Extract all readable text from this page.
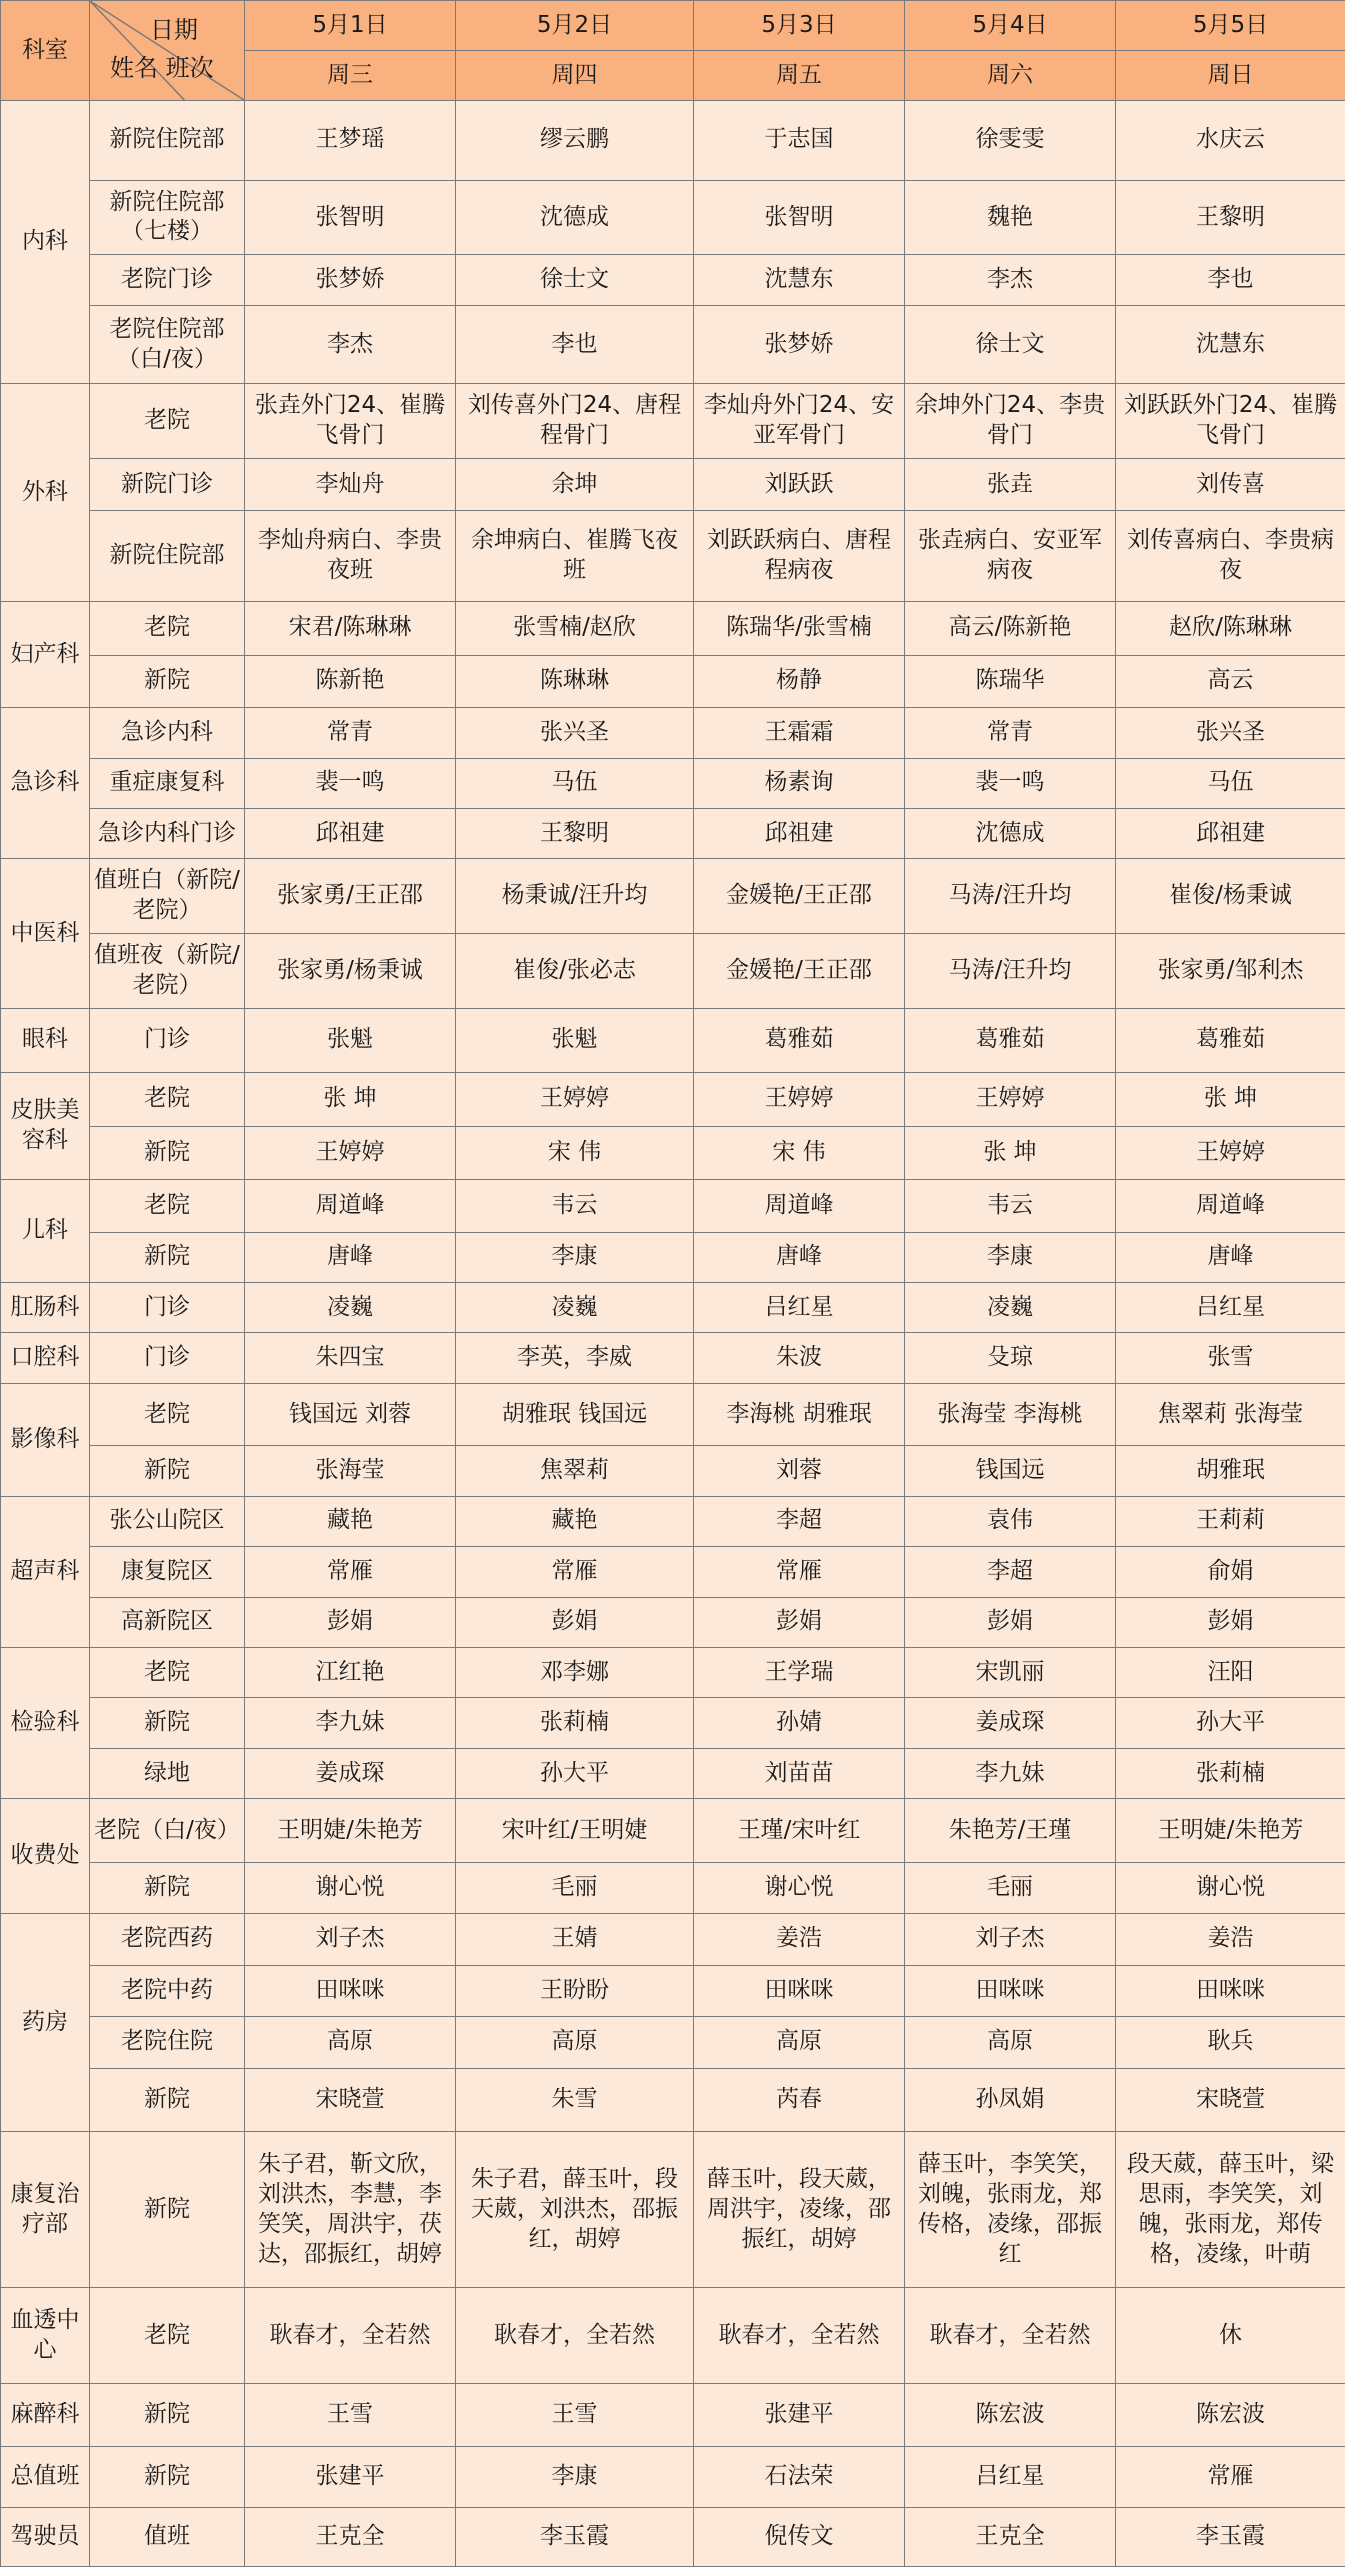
科室	日期
姓名 班次	5月1日	5月2日	5月3日	5月4日	5月5日
		周三	周四	周五	周六	周日
内科	新院住院部	王梦瑶	缪云鹏	于志国	徐雯雯	水庆云
	新院住院部（七楼）	张智明	沈德成	张智明	魏艳	王黎明
	老院门诊	张梦娇	徐士文	沈慧东	李杰	李也
	老院住院部（白/夜）	李杰	李也	张梦娇	徐士文	沈慧东
外科	老院	张垚外门24、崔腾飞骨门	刘传喜外门24、唐程程骨门	李灿舟外门24、安亚军骨门	余坤外门24、李贵骨门	刘跃跃外门24、崔腾飞骨门
	新院门诊	李灿舟	余坤	刘跃跃	张垚	刘传喜
	新院住院部	李灿舟病白、李贵夜班	余坤病白、崔腾飞夜班	刘跃跃病白、唐程程病夜	张垚病白、安亚军病夜	刘传喜病白、李贵病夜
妇产科	老院	宋君/陈琳琳	张雪楠/赵欣	陈瑞华/张雪楠	高云/陈新艳	赵欣/陈琳琳
	新院	陈新艳	陈琳琳	杨静	陈瑞华	高云
急诊科	急诊内科	常青	张兴圣	王霜霜	常青	张兴圣
	重症康复科	裴一鸣	马伍	杨素询	裴一鸣	马伍
	急诊内科门诊	邱祖建	王黎明	邱祖建	沈德成	邱祖建
中医科	值班白（新院/老院）	张家勇/王正邵	杨秉诚/汪升均	金媛艳/王正邵	马涛/汪升均	崔俊/杨秉诚
	值班夜（新院/老院）	张家勇/杨秉诚	崔俊/张必志	金媛艳/王正邵	马涛/汪升均	张家勇/邹利杰
眼科	门诊	张魁	张魁	葛雅茹	葛雅茹	葛雅茹
皮肤美容科	老院	张 坤	王婷婷	王婷婷	王婷婷	张 坤
	新院	王婷婷	宋 伟	宋 伟	张 坤	王婷婷
儿科	老院	周道峰	韦云	周道峰	韦云	周道峰
	新院	唐峰	李康	唐峰	李康	唐峰
肛肠科	门诊	凌巍	凌巍	吕红星	凌巍	吕红星
口腔科	门诊	朱四宝	李英，李威	朱波	殳琼	张雪
影像科	老院	钱国远 刘蓉	胡雅珉 钱国远	李海桃 胡雅珉	张海莹 李海桃	焦翠莉 张海莹
	新院	张海莹	焦翠莉	刘蓉	钱国远	胡雅珉
超声科	张公山院区	藏艳	藏艳	李超	袁伟	王莉莉
	康复院区	常雁	常雁	常雁	李超	俞娟
	高新院区	彭娟	彭娟	彭娟	彭娟	彭娟
检验科	老院	江红艳	邓李娜	王学瑞	宋凯丽	汪阳
	新院	李九妹	张莉楠	孙婧	姜成琛	孙大平
	绿地	姜成琛	孙大平	刘苗苗	李九妹	张莉楠
收费处	老院（白/夜）	王明婕/朱艳芳	宋叶红/王明婕	王瑾/宋叶红	朱艳芳/王瑾	王明婕/朱艳芳
	新院	谢心悦	毛丽	谢心悦	毛丽	谢心悦
药房	老院西药	刘子杰	王婧	姜浩	刘子杰	姜浩
	老院中药	田咪咪	王盼盼	田咪咪	田咪咪	田咪咪
	老院住院	高原	高原	高原	高原	耿兵
	新院	宋晓萱	朱雪	芮春	孙凤娟	宋晓萱
康复治疗部	新院	朱子君，靳文欣，刘洪杰，李慧，李笑笑，周洪宇，茯达，邵振红，胡婷	朱子君，薛玉叶，段天葳，刘洪杰，邵振红，胡婷	薛玉叶，段天葳，周洪宇，凌缘，邵振红，胡婷	薛玉叶，李笑笑，刘魄，张雨龙，郑传格，凌缘，邵振红	段天葳，薛玉叶，梁思雨，李笑笑，刘魄，张雨龙，郑传格，凌缘，叶萌
血透中心	老院	耿春才，全若然	耿春才，全若然	耿春才，全若然	耿春才，全若然	休
麻醉科	新院	王雪	王雪	张建平	陈宏波	陈宏波
总值班	新院	张建平	李康	石法荣	吕红星	常雁
驾驶员	值班	王克全	李玉霞	倪传文	王克全	李玉霞
